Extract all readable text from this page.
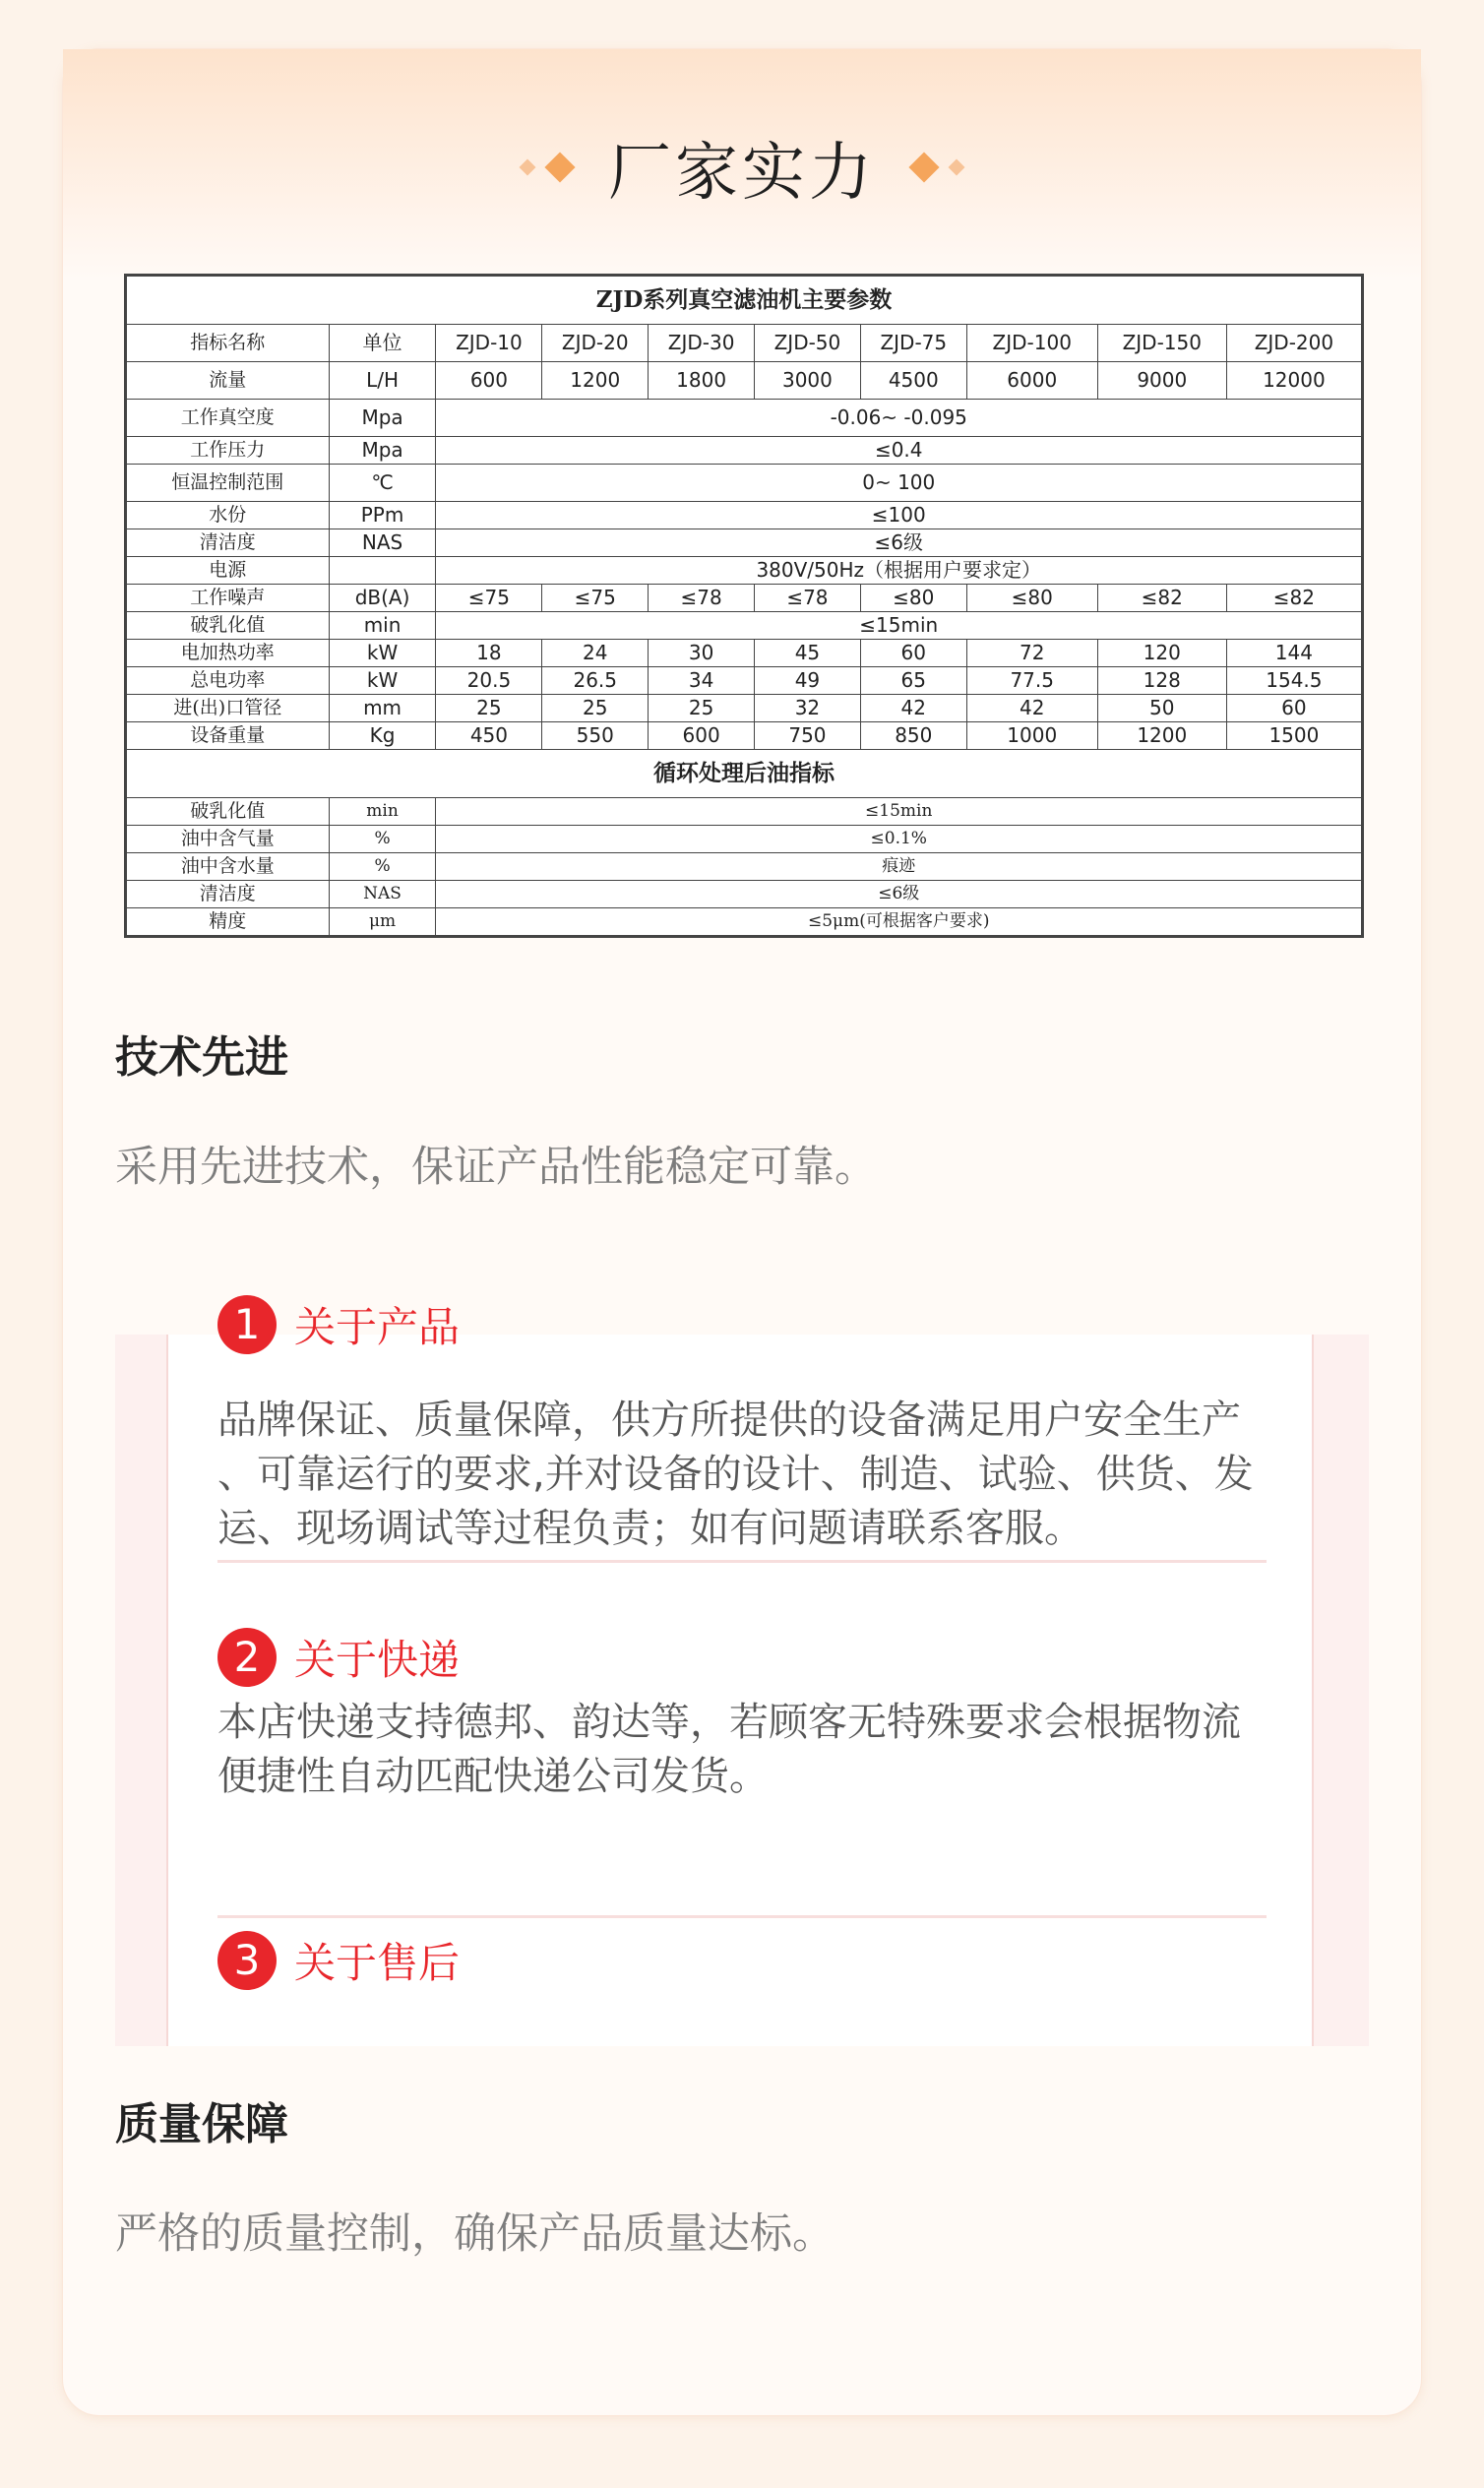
厂家实力
ZJD系列真空滤油机主要参数									
指标名称	单位	ZJD-10	ZJD-20	ZJD-30	ZJD-50	ZJD-75	ZJD-100	ZJD-150	ZJD-200
流量	L/H	600	1200	1800	3000	4500	6000	9000	12000
工作真空度	Mpa	-0.06~ -0.095							
工作压力	Mpa	≤0.4							
恒温控制范围	℃	0~ 100							
水份	PPm	≤100							
清洁度	NAS	≤6级							
电源		380V/50Hz（根据用户要求定）							
工作噪声	dB(A)	≤75	≤75	≤78	≤78	≤80	≤80	≤82	≤82
破乳化值	min	≤15min							
电加热功率	kW	18	24	30	45	60	72	120	144
总电功率	kW	20.5	26.5	34	49	65	77.5	128	154.5
进(出)口管径	mm	25	25	25	32	42	42	50	60
设备重量	Kg	450	550	600	750	850	1000	1200	1500
循环处理后油指标									
破乳化值	min	≤15min							
油中含气量	%	≤0.1%							
油中含水量	%	痕迹							
清洁度	NAS	≤6级							
精度	μm	≤5μm(可根据客户要求)							
技术先进
采用先进技术，保证产品性能稳定可靠。
1 关于产品
品牌保证、质量保障，供方所提供的设备满足用户安全生产
、可靠运行的要求,并对设备的设计、制造、试验、供货、发
运、现场调试等过程负责；如有问题请联系客服。
2 关于快递
本店快递支持德邦、韵达等，若顾客无特殊要求会根据物流
便捷性自动匹配快递公司发货。
3 关于售后
质量保障
严格的质量控制，确保产品质量达标。
